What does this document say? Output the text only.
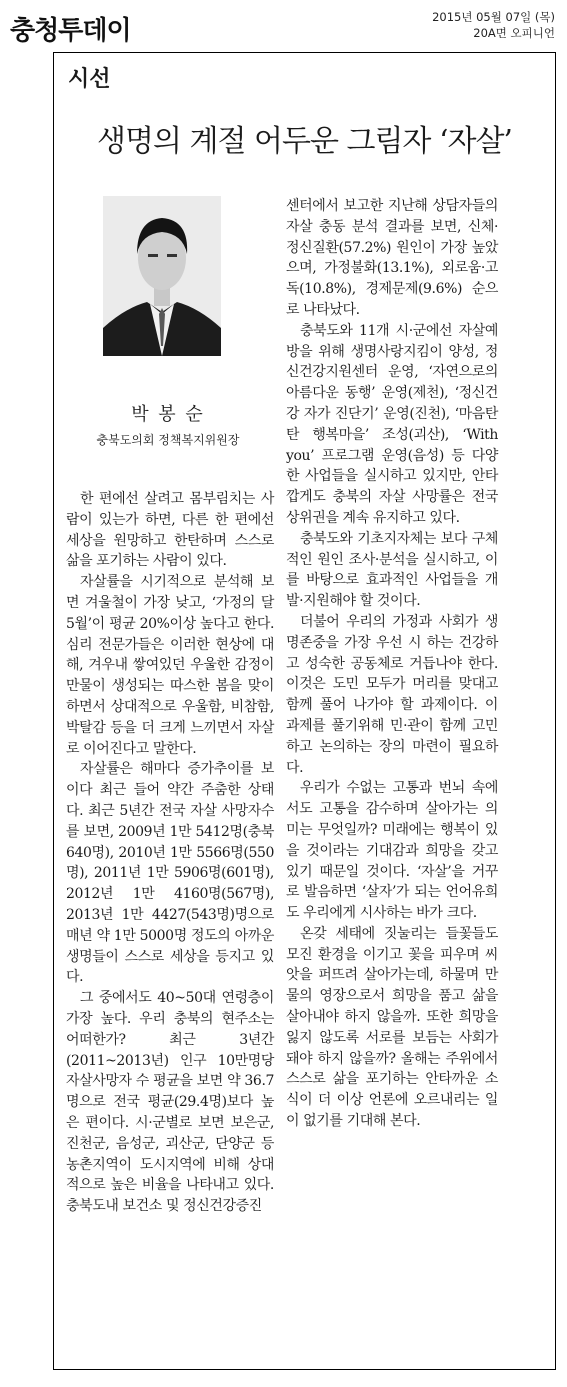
충청투데이	2015년 05월 07일 (목)
20A면 오피니언
시선
생명의 계절 어두운 그림자 ‘자살’
박 봉 순
충북도의회 정책복지위원장

한 편에선 살려고 몸부림치는 사람이 있는가 하면, 다른 한 편에선 세상을 원망하고 한탄하며 스스로 삶을 포기하는 사람이 있다.

자살률을 시기적으로 분석해 보면 겨울철이 가장 낮고, ‘가정의 달 5월’이 평균 20%이상 높다고 한다. 심리 전문가들은 이러한 현상에 대해, 겨우내 쌓여있던 우울한 감정이 만물이 생성되는 따스한 봄을 맞이하면서 상대적으로 우울함, 비참함, 박탈감 등을 더 크게 느끼면서 자살로 이어진다고 말한다.

자살률은 해마다 증가추이를 보이다 최근 들어 약간 주춤한 상태다. 최근 5년간 전국 자살 사망자수를 보면, 2009년 1만 5412명(충북 640명), 2010년 1만 5566명(550명), 2011년 1만 5906명(601명), 2012년 1만 4160명(567명), 2013년 1만 4427(543명)명으로 매년 약 1만 5000명 정도의 아까운 생명들이 스스로 세상을 등지고 있다.

그 중에서도 40~50대 연령층이 가장 높다. 우리 충북의 현주소는 어떠한가? 최근 3년간(2011~2013년) 인구 10만명당 자살사망자 수 평균을 보면 약 36.7명으로 전국 평균(29.4명)보다 높은 편이다. 시·군별로 보면 보은군, 진천군, 음성군, 괴산군, 단양군 등 농촌지역이 도시지역에 비해 상대적으로 높은 비율을 나타내고 있다. 충북도내 보건소 및 정신건강증진

센터에서 보고한 지난해 상담자들의 자살 충동 분석 결과를 보면, 신체·정신질환(57.2%) 원인이 가장 높았으며, 가정불화(13.1%), 외로움·고독(10.8%), 경제문제(9.6%) 순으로 나타났다.

충북도와 11개 시·군에선 자살예방을 위해 생명사랑지킴이 양성, 정신건강지원센터 운영, ‘자연으로의 아름다운 동행’ 운영(제천), ‘정신건강 자가 진단기’ 운영(진천), ‘마음탄탄 행복마을’ 조성(괴산), ‘With you’ 프로그램 운영(음성) 등 다양한 사업들을 실시하고 있지만, 안타깝게도 충북의 자살 사망률은 전국 상위권을 계속 유지하고 있다.

충북도와 기초지자체는 보다 구체적인 원인 조사·분석을 실시하고, 이를 바탕으로 효과적인 사업들을 개발·지원해야 할 것이다.

더불어 우리의 가정과 사회가 생명존중을 가장 우선 시 하는 건강하고 성숙한 공동체로 거듭나야 한다. 이것은 도민 모두가 머리를 맞대고 함께 풀어 나가야 할 과제이다. 이 과제를 풀기위해 민·관이 함께 고민하고 논의하는 장의 마련이 필요하다.

우리가 수없는 고통과 번뇌 속에서도 고통을 감수하며 살아가는 의미는 무엇일까? 미래에는 행복이 있을 것이라는 기대감과 희망을 갖고 있기 때문일 것이다. ‘자살’을 거꾸로 발음하면 ‘살자’가 되는 언어유희도 우리에게 시사하는 바가 크다.

온갖 세태에 짓눌리는 들꽃들도 모진 환경을 이기고 꽃을 피우며 씨앗을 퍼뜨려 살아가는데, 하물며 만물의 영장으로서 희망을 품고 삶을 살아내야 하지 않을까. 또한 희망을 잃지 않도록 서로를 보듬는 사회가 돼야 하지 않을까? 올해는 주위에서 스스로 삶을 포기하는 안타까운 소식이 더 이상 언론에 오르내리는 일이 없기를 기대해 본다.
